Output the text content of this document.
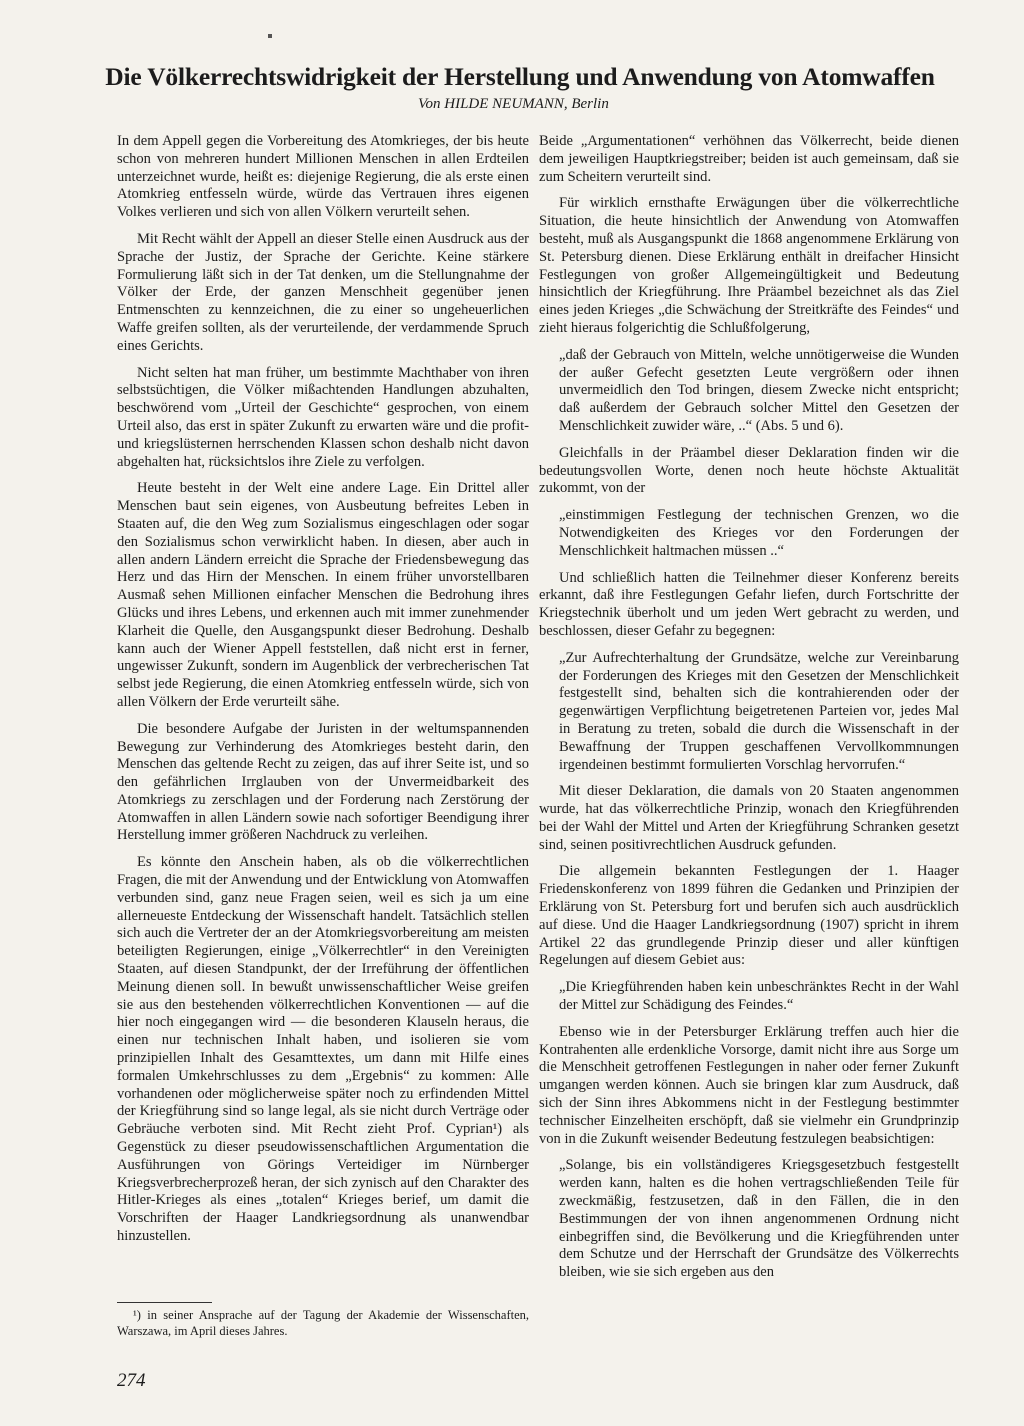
Die Völkerrechtswidrigkeit der Herstellung und Anwendung von Atomwaffen

Von HILDE NEUMANN, Berlin

In dem Appell gegen die Vorbereitung des Atomkrieges, der bis heute schon von mehreren hundert Millionen Menschen in allen Erdteilen unterzeichnet wurde, heißt es: diejenige Regierung, die als erste einen Atomkrieg entfesseln würde, würde das Vertrauen ihres eigenen Volkes verlieren und sich von allen Völkern verurteilt sehen.

Mit Recht wählt der Appell an dieser Stelle einen Ausdruck aus der Sprache der Justiz, der Sprache der Gerichte. Keine stärkere Formulierung läßt sich in der Tat denken, um die Stellungnahme der Völker der Erde, der ganzen Menschheit gegenüber jenen Entmenschten zu kennzeichnen, die zu einer so ungeheuerlichen Waffe greifen sollten, als der verurteilende, der verdammende Spruch eines Gerichts.

Nicht selten hat man früher, um bestimmte Machthaber von ihren selbstsüchtigen, die Völker mißachtenden Handlungen abzuhalten, beschwörend vom „Urteil der Geschichte“ gesprochen, von einem Urteil also, das erst in später Zukunft zu erwarten wäre und die profit- und kriegslüsternen herrschenden Klassen schon deshalb nicht davon abgehalten hat, rücksichtslos ihre Ziele zu verfolgen.

Heute besteht in der Welt eine andere Lage. Ein Drittel aller Menschen baut sein eigenes, von Ausbeutung befreites Leben in Staaten auf, die den Weg zum Sozialismus eingeschlagen oder sogar den Sozialismus schon verwirklicht haben. In diesen, aber auch in allen andern Ländern erreicht die Sprache der Friedensbewegung das Herz und das Hirn der Menschen. In einem früher unvorstellbaren Ausmaß sehen Millionen einfacher Menschen die Bedrohung ihres Glücks und ihres Lebens, und erkennen auch mit immer zunehmender Klarheit die Quelle, den Ausgangspunkt dieser Bedrohung. Deshalb kann auch der Wiener Appell feststellen, daß nicht erst in ferner, ungewisser Zukunft, sondern im Augenblick der verbrecherischen Tat selbst jede Regierung, die einen Atomkrieg entfesseln würde, sich von allen Völkern der Erde verurteilt sähe.

Die besondere Aufgabe der Juristen in der weltumspannenden Bewegung zur Verhinderung des Atomkrieges besteht darin, den Menschen das geltende Recht zu zeigen, das auf ihrer Seite ist, und so den gefährlichen Irrglauben von der Unvermeidbarkeit des Atomkriegs zu zerschlagen und der Forderung nach Zerstörung der Atomwaffen in allen Ländern sowie nach sofortiger Beendigung ihrer Herstellung immer größeren Nachdruck zu verleihen.

Es könnte den Anschein haben, als ob die völkerrechtlichen Fragen, die mit der Anwendung und der Entwicklung von Atomwaffen verbunden sind, ganz neue Fragen seien, weil es sich ja um eine allerneueste Entdeckung der Wissenschaft handelt. Tatsächlich stellen sich auch die Vertreter der an der Atomkriegsvorbereitung am meisten beteiligten Regierungen, einige „Völkerrechtler“ in den Vereinigten Staaten, auf diesen Standpunkt, der der Irreführung der öffentlichen Meinung dienen soll. In bewußt unwissenschaftlicher Weise greifen sie aus den bestehenden völkerrechtlichen Konventionen — auf die hier noch eingegangen wird — die besonderen Klauseln heraus, die einen nur technischen Inhalt haben, und isolieren sie vom prinzipiellen Inhalt des Gesamttextes, um dann mit Hilfe eines formalen Umkehrschlusses zu dem „Ergebnis“ zu kommen: Alle vorhandenen oder möglicherweise später noch zu erfindenden Mittel der Kriegführung sind so lange legal, als sie nicht durch Verträge oder Gebräuche verboten sind. Mit Recht zieht Prof. Cyprian¹) als Gegenstück zu dieser pseudowissenschaftlichen Argumentation die Ausführungen von Görings Verteidiger im Nürnberger Kriegsverbrecherprozeß heran, der sich zynisch auf den Charakter des Hitler-Krieges als eines „totalen“ Krieges berief, um damit die Vorschriften der Haager Landkriegsordnung als unanwendbar hinzustellen.

¹) in seiner Ansprache auf der Tagung der Akademie der Wissenschaften, Warszawa, im April dieses Jahres.

Beide „Argumentationen“ verhöhnen das Völkerrecht, beide dienen dem jeweiligen Hauptkriegstreiber; beiden ist auch gemeinsam, daß sie zum Scheitern verurteilt sind.

Für wirklich ernsthafte Erwägungen über die völkerrechtliche Situation, die heute hinsichtlich der Anwendung von Atomwaffen besteht, muß als Ausgangspunkt die 1868 angenommene Erklärung von St. Petersburg dienen. Diese Erklärung enthält in dreifacher Hinsicht Festlegungen von großer Allgemeingültigkeit und Bedeutung hinsichtlich der Kriegführung. Ihre Präambel bezeichnet als das Ziel eines jeden Krieges „die Schwächung der Streitkräfte des Feindes“ und zieht hieraus folgerichtig die Schlußfolgerung,

„daß der Gebrauch von Mitteln, welche unnötigerweise die Wunden der außer Gefecht gesetzten Leute vergrößern oder ihnen unvermeidlich den Tod bringen, diesem Zwecke nicht entspricht; daß außerdem der Gebrauch solcher Mittel den Gesetzen der Menschlichkeit zuwider wäre, ..“ (Abs. 5 und 6).

Gleichfalls in der Präambel dieser Deklaration finden wir die bedeutungsvollen Worte, denen noch heute höchste Aktualität zukommt, von der

„einstimmigen Festlegung der technischen Grenzen, wo die Notwendigkeiten des Krieges vor den Forderungen der Menschlichkeit haltmachen müssen ..“

Und schließlich hatten die Teilnehmer dieser Konferenz bereits erkannt, daß ihre Festlegungen Gefahr liefen, durch Fortschritte der Kriegstechnik überholt und um jeden Wert gebracht zu werden, und beschlossen, dieser Gefahr zu begegnen:

„Zur Aufrechterhaltung der Grundsätze, welche zur Vereinbarung der Forderungen des Krieges mit den Gesetzen der Menschlichkeit festgestellt sind, behalten sich die kontrahierenden oder der gegenwärtigen Verpflichtung beigetretenen Parteien vor, jedes Mal in Beratung zu treten, sobald die durch die Wissenschaft in der Bewaffnung der Truppen geschaffenen Vervollkommnungen irgendeinen bestimmt formulierten Vorschlag hervorrufen.“

Mit dieser Deklaration, die damals von 20 Staaten angenommen wurde, hat das völkerrechtliche Prinzip, wonach den Kriegführenden bei der Wahl der Mittel und Arten der Kriegführung Schranken gesetzt sind, seinen positivrechtlichen Ausdruck gefunden.

Die allgemein bekannten Festlegungen der 1. Haager Friedenskonferenz von 1899 führen die Gedanken und Prinzipien der Erklärung von St. Petersburg fort und berufen sich auch ausdrücklich auf diese. Und die Haager Landkriegsordnung (1907) spricht in ihrem Artikel 22 das grundlegende Prinzip dieser und aller künftigen Regelungen auf diesem Gebiet aus:

„Die Kriegführenden haben kein unbeschränktes Recht in der Wahl der Mittel zur Schädigung des Feindes.“

Ebenso wie in der Petersburger Erklärung treffen auch hier die Kontrahenten alle erdenkliche Vorsorge, damit nicht ihre aus Sorge um die Menschheit getroffenen Festlegungen in naher oder ferner Zukunft umgangen werden können. Auch sie bringen klar zum Ausdruck, daß sich der Sinn ihres Abkommens nicht in der Festlegung bestimmter technischer Einzelheiten erschöpft, daß sie vielmehr ein Grundprinzip von in die Zukunft weisender Bedeutung festzulegen beabsichtigen:

„Solange, bis ein vollständigeres Kriegsgesetzbuch festgestellt werden kann, halten es die hohen vertragschließenden Teile für zweckmäßig, festzusetzen, daß in den Fällen, die in den Bestimmungen der von ihnen angenommenen Ordnung nicht einbegriffen sind, die Bevölkerung und die Kriegführenden unter dem Schutze und der Herrschaft der Grundsätze des Völkerrechts bleiben, wie sie sich ergeben aus den

274
